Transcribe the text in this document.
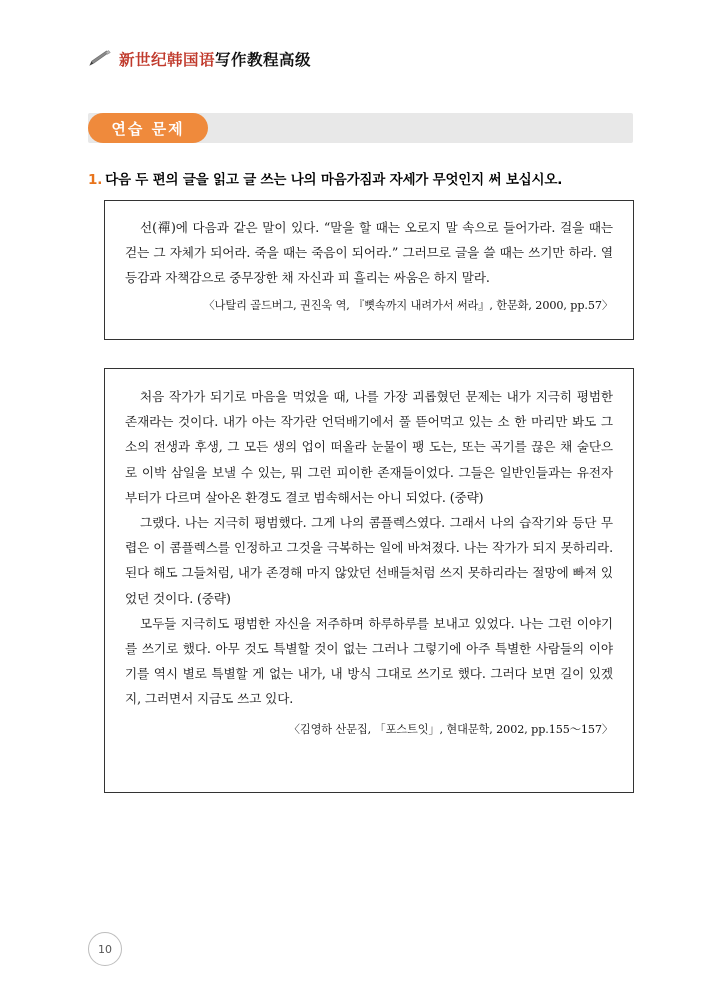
新世纪韩国语写作教程高级
연습 문제
1. 다음 두 편의 글을 읽고 글 쓰는 나의 마음가짐과 자세가 무엇인지 써 보십시오.

선(禪)에 다음과 같은 말이 있다. “말을 할 때는 오로지 말 속으로 들어가라. 걸을 때는 걷는 그 자체가 되어라. 죽을 때는 죽음이 되어라.” 그러므로 글을 쓸 때는 쓰기만 하라. 열등감과 자책감으로 중무장한 채 자신과 피 흘리는 싸움은 하지 말라.

〈나탈리 골드버그, 권진욱 역, 『뼛속까지 내려가서 써라』, 한문화, 2000, pp.57〉

처음 작가가 되기로 마음을 먹었을 때, 나를 가장 괴롭혔던 문제는 내가 지극히 평범한 존재라는 것이다. 내가 아는 작가란 언덕배기에서 풀 뜯어먹고 있는 소 한 마리만 봐도 그 소의 전생과 후생, 그 모든 생의 업이 떠올라 눈물이 팽 도는, 또는 곡기를 끊은 채 술단으로 이박 삼일을 보낼 수 있는, 뭐 그런 피이한 존재들이었다. 그들은 일반인들과는 유전자부터가 다르며 살아온 환경도 결코 범속해서는 아니 되었다. (중략)

그랬다. 나는 지극히 평범했다. 그게 나의 콤플렉스였다. 그래서 나의 습작기와 등단 무렵은 이 콤플렉스를 인정하고 그것을 극복하는 일에 바쳐졌다. 나는 작가가 되지 못하리라. 된다 해도 그들처럼, 내가 존경해 마지 않았던 선배들처럼 쓰지 못하리라는 절망에 빠져 있었던 것이다. (중략)

모두들 지극히도 평범한 자신을 저주하며 하루하루를 보내고 있었다. 나는 그런 이야기를 쓰기로 했다. 아무 것도 특별할 것이 없는 그러나 그렇기에 아주 특별한 사람들의 이야기를 역시 별로 특별할 게 없는 내가, 내 방식 그대로 쓰기로 했다. 그러다 보면 길이 있겠지, 그러면서 지금도 쓰고 있다.

〈김영하 산문집, 「포스트잇」, 현대문학, 2002, pp.155〜157〉
10
